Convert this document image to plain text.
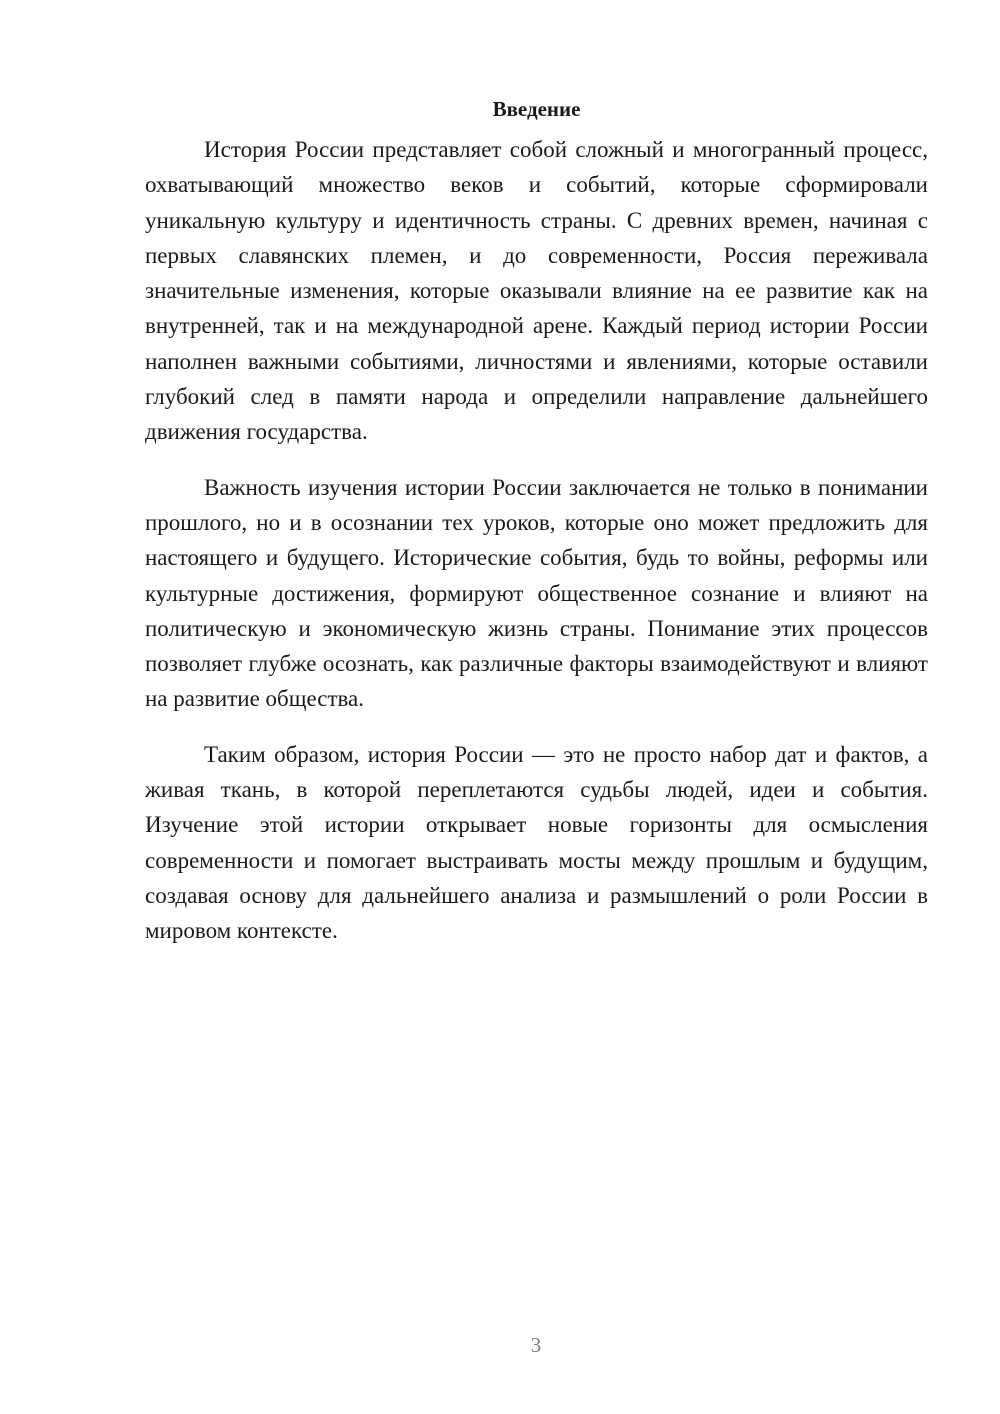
Введение

История России представляет собой сложный и многогранный процесс, охватывающий множество веков и событий, которые сформировали уникальную культуру и идентичность страны. С древних времен, начиная с первых славянских племен, и до современности, Россия переживала значительные изменения, которые оказывали влияние на ее развитие как на внутренней, так и на международной арене. Каждый период истории России наполнен важными событиями, личностями и явлениями, которые оставили глубокий след в памяти народа и определили направление дальнейшего движения государства.

Важность изучения истории России заключается не только в понимании прошлого, но и в осознании тех уроков, которые оно может предложить для настоящего и будущего. Исторические события, будь то войны, реформы или культурные достижения, формируют общественное сознание и влияют на политическую и экономическую жизнь страны. Понимание этих процессов позволяет глубже осознать, как различные факторы взаимодействуют и влияют на развитие общества.

Таким образом, история России — это не просто набор дат и фактов, а живая ткань, в которой переплетаются судьбы людей, идеи и события. Изучение этой истории открывает новые горизонты для осмысления современности и помогает выстраивать мосты между прошлым и будущим, создавая основу для дальнейшего анализа и размышлений о роли России в мировом контексте.

3
